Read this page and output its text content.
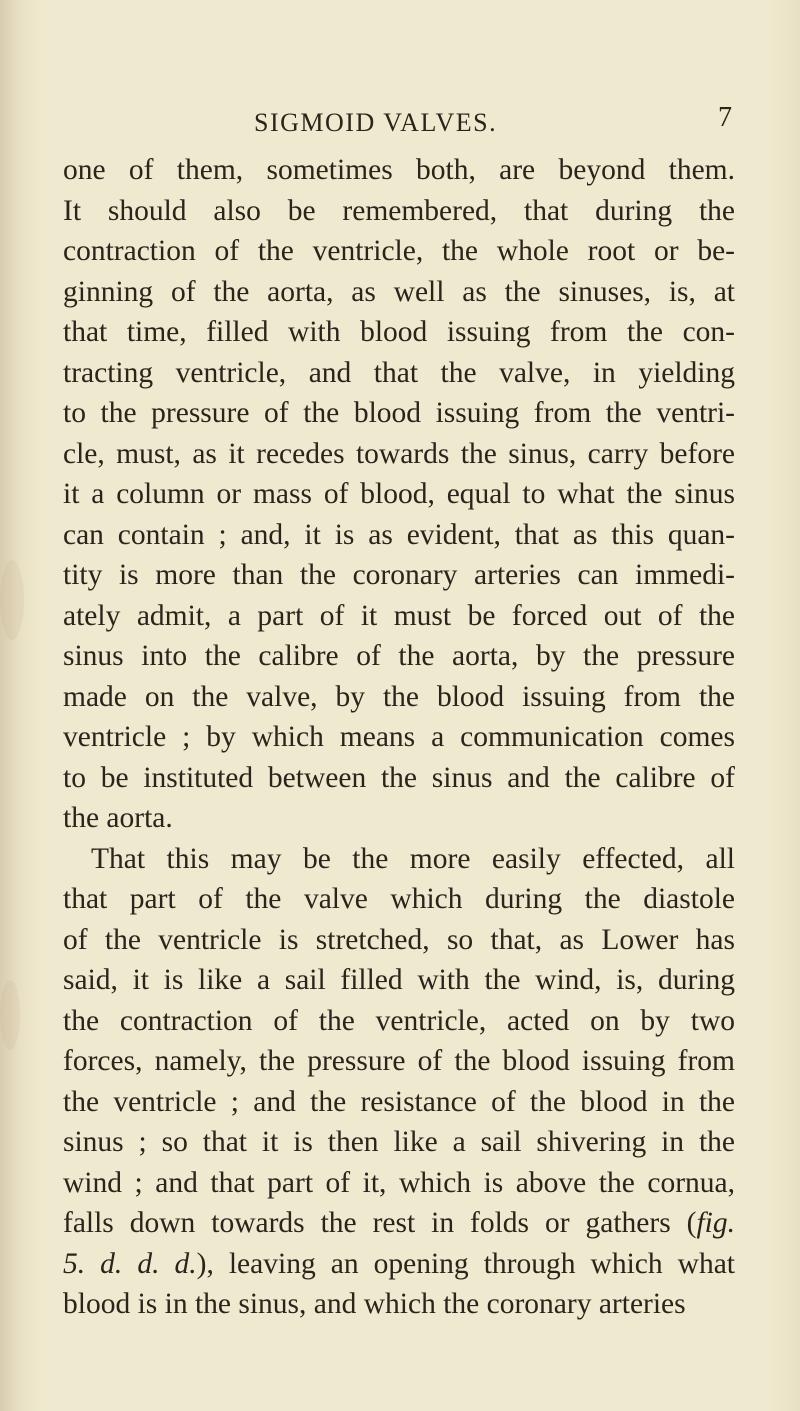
SIGMOID VALVES.	7
one of them, sometimes both, are beyond them.
It should also be remembered, that during the
contraction of the ventricle, the whole root or be-
ginning of the aorta, as well as the sinuses, is, at
that time, filled with blood issuing from the con-
tracting ventricle, and that the valve, in yielding
to the pressure of the blood issuing from the ventri-
cle, must, as it recedes towards the sinus, carry before
it a column or mass of blood, equal to what the sinus
can contain ; and, it is as evident, that as this quan-
tity is more than the coronary arteries can immedi-
ately admit, a part of it must be forced out of the
sinus into the calibre of the aorta, by the pressure
made on the valve, by the blood issuing from the
ventricle ; by which means a communication comes
to be instituted between the sinus and the calibre of
the aorta.
That this may be the more easily effected, all
that part of the valve which during the diastole
of the ventricle is stretched, so that, as Lower has
said, it is like a sail filled with the wind, is, during
the contraction of the ventricle, acted on by two
forces, namely, the pressure of the blood issuing from
the ventricle ; and the resistance of the blood in the
sinus ; so that it is then like a sail shivering in the
wind ; and that part of it, which is above the cornua,
falls down towards the rest in folds or gathers (fig.
5. d. d. d.), leaving an opening through which what
blood is in the sinus, and which the coronary arteries
